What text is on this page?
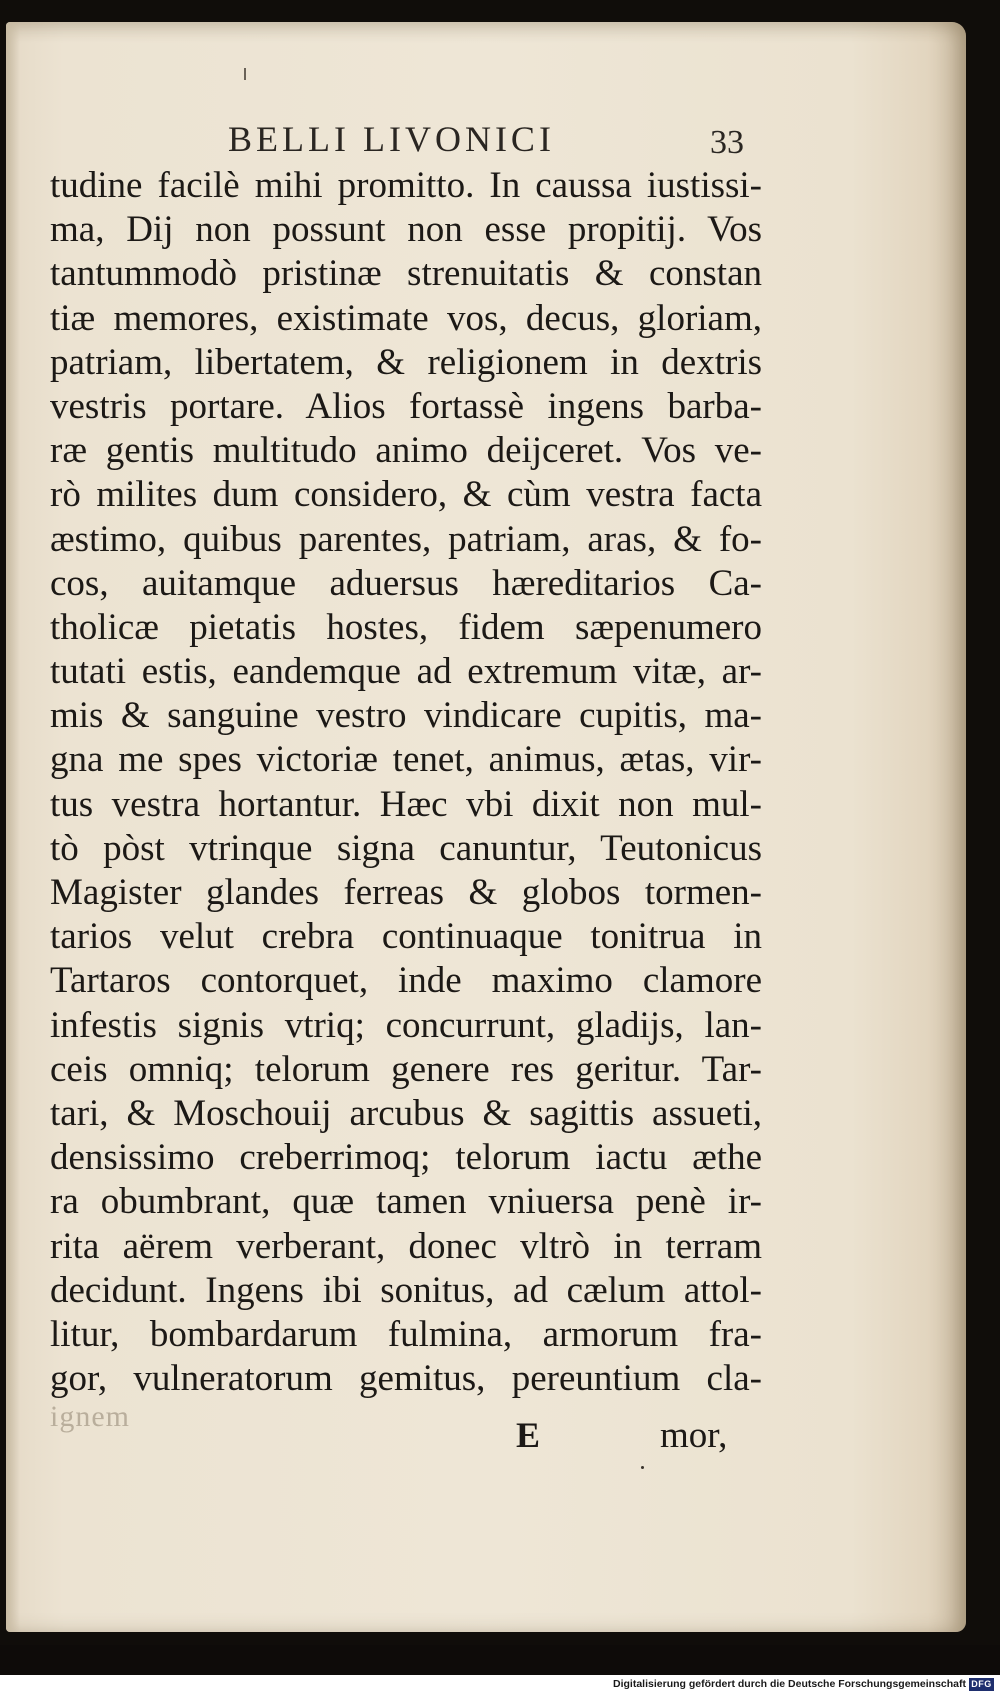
BELLI LIVONICI	33
tudine facilè mihi promitto. In caussa iustissi-
ma, Dij non possunt non esse propitij. Vos
tantummodò pristinæ strenuitatis & constan
tiæ memores, existimate vos, decus, gloriam,
patriam, libertatem, & religionem in dextris
vestris portare. Alios fortassè ingens barba-
ræ gentis multitudo animo deijceret. Vos ve-
rò milites dum considero, & cùm vestra facta
æstimo, quibus parentes, patriam, aras, & fo-
cos, auitamque aduersus hæreditarios Ca-
tholicæ pietatis hostes, fidem sæpenumero
tutati estis, eandemque ad extremum vitæ, ar-
mis & sanguine vestro vindicare cupitis, ma-
gna me spes victoriæ tenet, animus, ætas, vir-
tus vestra hortantur. Hæc vbi dixit non mul-
tò pòst vtrinque signa canuntur, Teutonicus
Magister glandes ferreas & globos tormen-
tarios velut crebra continuaque tonitrua in
Tartaros contorquet, inde maximo clamore
infestis signis vtriq; concurrunt, gladijs, lan-
ceis omniq; telorum genere res geritur. Tar-
tari, & Moschouij arcubus & sagittis assueti,
densissimo creberrimoq; telorum iactu æthe
ra obumbrant, quæ tamen vniuersa penè ir-
rita aërem verberant, donec vltrò in terram
decidunt. Ingens ibi sonitus, ad cælum attol-
litur, bombardarum fulmina, armorum fra-
gor, vulneratorum gemitus, pereuntium cla-
ignem	E	mor,
Digitalisierung gefördert durch die Deutsche Forschungsgemeinschaft DFG
